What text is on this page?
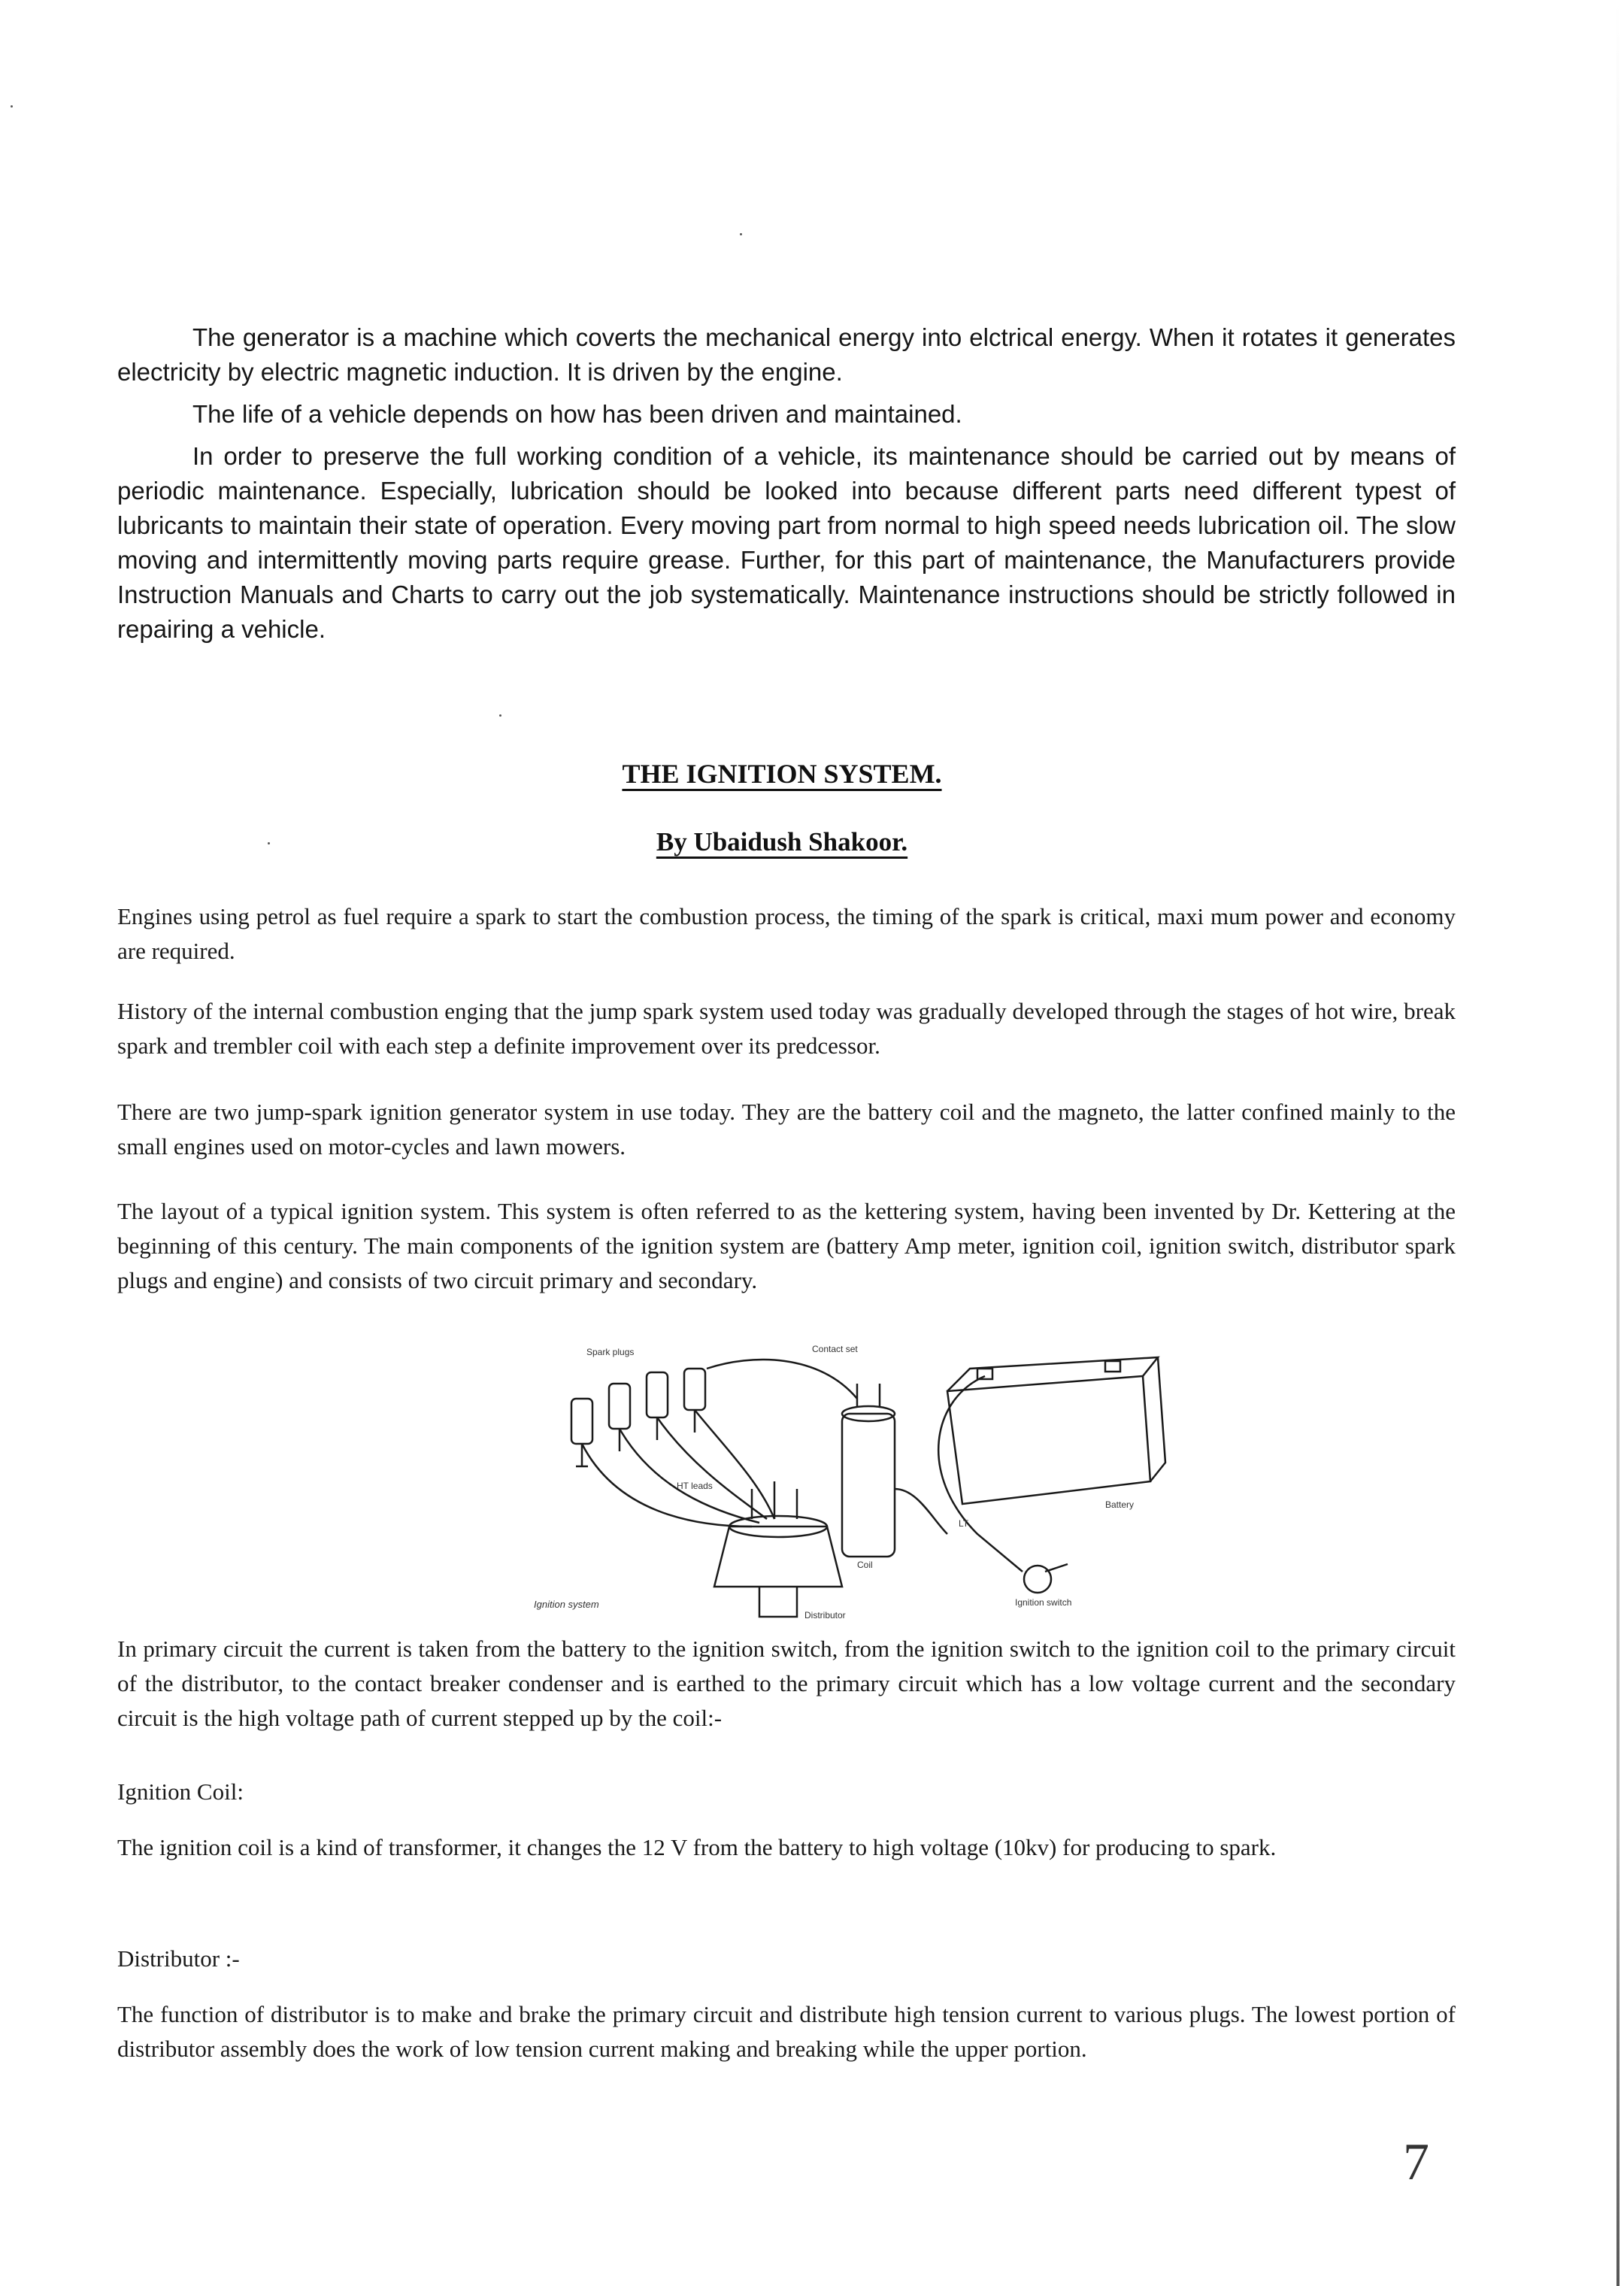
The generator is a machine which coverts the mechanical energy into elctrical energy. When it rotates it generates electricity by electric magnetic induction. It is driven by the engine.

The life of a vehicle depends on how has been driven and maintained.

In order to preserve the full working condition of a vehicle, its maintenance should be carried out by means of periodic maintenance. Especially, lubrication should be looked into because different parts need different typest of lubricants to maintain their state of operation. Every moving part from normal to high speed needs lubrication oil. The slow moving and intermittently moving parts require grease. Further, for this part of maintenance, the Manufacturers provide Instruction Manuals and Charts to carry out the job systematically. Maintenance instructions should be strictly followed in repairing a vehicle.

THE IGNITION SYSTEM.
By Ubaidush Shakoor.

Engines using petrol as fuel require a spark to start the combustion process, the timing of the spark is critical, maxi mum power and economy are required.

History of the internal combustion enging that the jump spark system used today was gradually developed through the stages of hot wire, break spark and trembler coil with each step a definite improvement over its predcessor.

There are two jump-spark ignition generator system in use today. They are the battery coil and the magneto, the latter confined mainly to the small engines used on motor-cycles and lawn mowers.

The layout of a typical ignition system. This system is often referred to as the kettering system, having been invented by Dr. Kettering at the beginning of this century. The main components of the ignition system are (battery Amp meter, ignition coil, ignition switch, distributor spark plugs and engine) and consists of two circuit primary and secondary.

Spark plugs	Contact set
HT leads
Battery
LT
Coil
Ignition switch
Distributor
Ignition system

In primary circuit the current is taken from the battery to the ignition switch, from the ignition switch to the ignition coil to the primary circuit of the distributor, to the contact breaker condenser and is earthed to the primary circuit which has a low voltage current and the secondary circuit is the high voltage path of current stepped up by the coil:-

Ignition Coil:

The ignition coil is a kind of transformer, it changes the 12 V from the battery to high voltage (10kv) for producing to spark.

Distributor :-

The function of distributor is to make and brake the primary circuit and distribute high tension current to various plugs. The lowest portion of distributor assembly does the work of low tension current making and breaking while the upper portion.

7
